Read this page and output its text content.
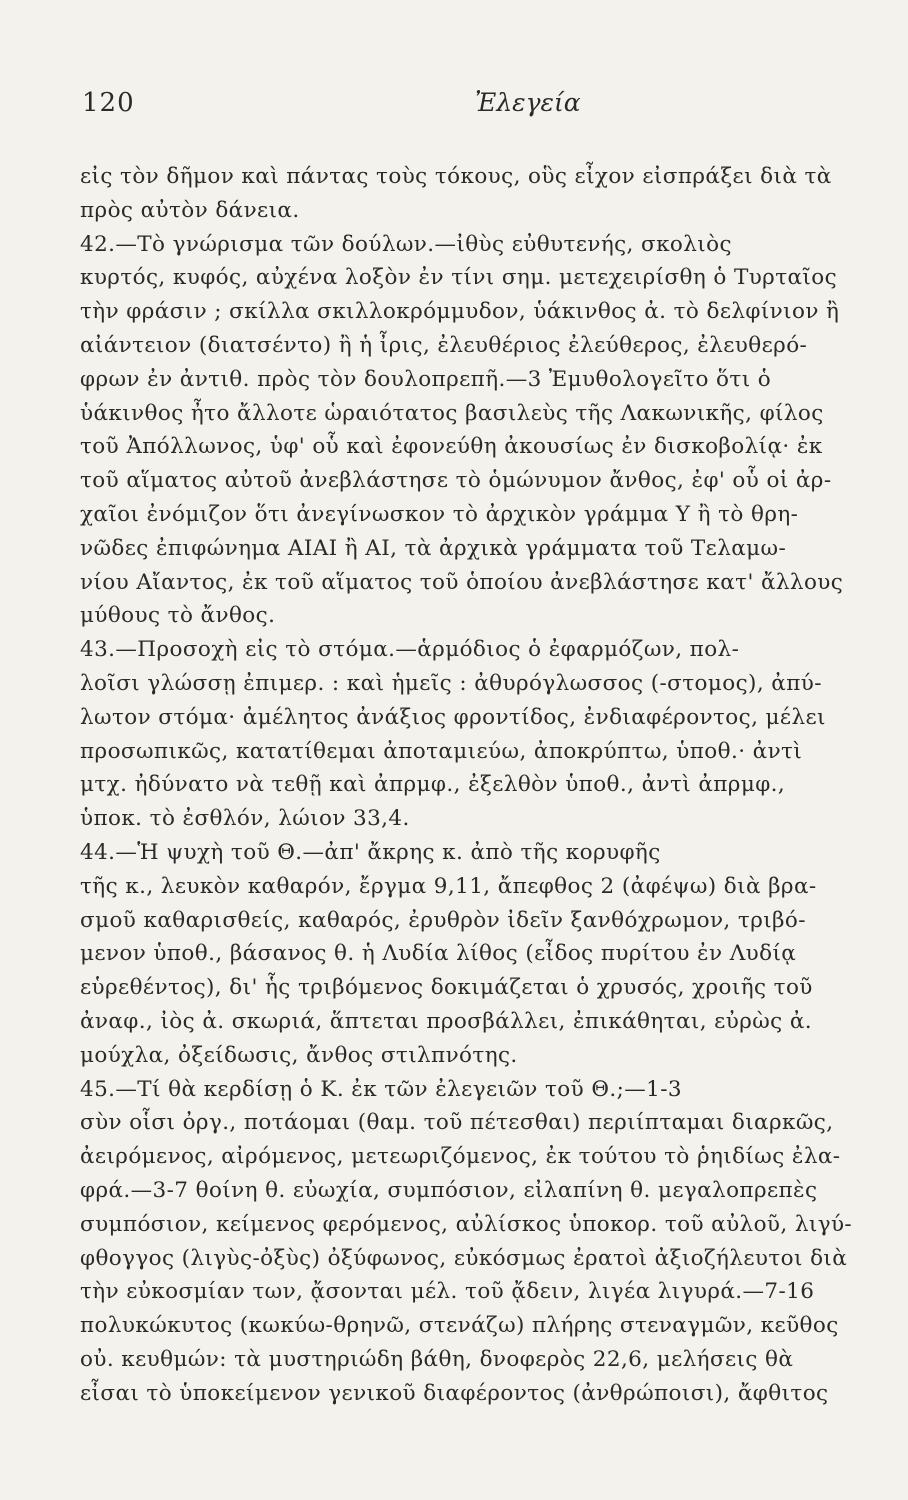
120	Ἐλεγεία
εἰς τὸν δῆμον καὶ πάντας τοὺς τόκους, οὓς εἶχον εἰσπράξει διὰ τὰ
πρὸς αὐτὸν δάνεια.
42.—Τὸ γνώρισμα τῶν δούλων.—ἰθὺς εὐθυτενής, σκολιὸς
κυρτός, κυφός, αὐχένα λοξὸν ἐν τίνι σημ. μετεχειρίσθη ὁ Τυρταῖος
τὴν φράσιν ; σκίλλα σκιλλοκρόμμυδον, ὑάκινθος ἀ. τὸ δελφίνιον ἢ
αἰάντειον (διατσέντο) ἢ ἡ ἶρις, ἐλευθέριος ἐλεύθερος, ἐλευθερό-
φρων ἐν ἀντιθ. πρὸς τὸν δουλοπρεπῆ.—3 Ἐμυθολογεῖτο ὅτι ὁ
ὑάκινθος ἦτο ἄλλοτε ὡραιότατος βασιλεὺς τῆς Λακωνικῆς, φίλος
τοῦ Ἀπόλλωνος, ὑφ' οὗ καὶ ἐφονεύθη ἀκουσίως ἐν δισκοβολίᾳ· ἐκ
τοῦ αἵματος αὐτοῦ ἀνεβλάστησε τὸ ὁμώνυμον ἄνθος, ἐφ' οὗ οἱ ἀρ-
χαῖοι ἐνόμιζον ὅτι ἀνεγίνωσκον τὸ ἀρχικὸν γράμμα Υ ἢ τὸ θρη-
νῶδες ἐπιφώνημα ΑΙΑΙ ἢ ΑΙ, τὰ ἀρχικὰ γράμματα τοῦ Τελαμω-
νίου Αἴαντος, ἐκ τοῦ αἵματος τοῦ ὁποίου ἀνεβλάστησε κατ' ἄλλους
μύθους τὸ ἄνθος.
43.—Προσοχὴ εἰς τὸ στόμα.—ἁρμόδιος ὁ ἐφαρμόζων, πολ-
λοῖσι γλώσσῃ ἐπιμερ. : καὶ ἡμεῖς : ἀθυρόγλωσσος (-στομος), ἀπύ-
λωτον στόμα· ἀμέλητος ἀνάξιος φροντίδος, ἐνδιαφέροντος, μέλει
προσωπικῶς, κατατίθεμαι ἀποταμιεύω, ἀποκρύπτω, ὑποθ.· ἀντὶ
μτχ. ἠδύνατο νὰ τεθῇ καὶ ἀπρμφ., ἐξελθὸν ὑποθ., ἀντὶ ἀπρμφ.,
ὑποκ. τὸ ἐσθλόν, λώιον 33,4.
44.—Ἡ ψυχὴ τοῦ Θ.—ἀπ' ἄκρης κ. ἀπὸ τῆς κορυφῆς
τῆς κ., λευκὸν καθαρόν, ἔργμα 9,11, ἄπεφθος 2 (ἀφέψω) διὰ βρα-
σμοῦ καθαρισθείς, καθαρός, ἐρυθρὸν ἰδεῖν ξανθόχρωμον, τριβό-
μενον ὑποθ., βάσανος θ. ἡ Λυδία λίθος (εἶδος πυρίτου ἐν Λυδίᾳ
εὑρεθέντος), δι' ἧς τριβόμενος δοκιμάζεται ὁ χρυσός, χροιῆς τοῦ
ἀναφ., ἰὸς ἀ. σκωριά, ἅπτεται προσβάλλει, ἐπικάθηται, εὐρὼς ἀ.
μούχλα, ὀξείδωσις, ἄνθος στιλπνότης.
45.—Τί θὰ κερδίσῃ ὁ Κ. ἐκ τῶν ἐλεγειῶν τοῦ Θ.;—1-3
σὺν οἷσι ὀργ., ποτάομαι (θαμ. τοῦ πέτεσθαι) περιίπταμαι διαρκῶς,
ἀειρόμενος, αἰρόμενος, μετεωριζόμενος, ἐκ τούτου τὸ ῥηιδίως ἐλα-
φρά.—3-7 θοίνη θ. εὐωχία, συμπόσιον, εἰλαπίνη θ. μεγαλοπρεπὲς
συμπόσιον, κείμενος φερόμενος, αὐλίσκος ὑποκορ. τοῦ αὐλοῦ, λιγύ-
φθογγος (λιγὺς-ὀξὺς) ὀξύφωνος, εὐκόσμως ἐρατοὶ ἀξιοζήλευτοι διὰ
τὴν εὐκοσμίαν των, ᾄσονται μέλ. τοῦ ᾄδειν, λιγέα λιγυρά.—7-16
πολυκώκυτος (κωκύω-θρηνῶ, στενάζω) πλήρης στεναγμῶν, κεῦθος
οὐ. κευθμών: τὰ μυστηριώδη βάθη, δνοφερὸς 22,6, μελήσεις θὰ
εἶσαι τὸ ὑποκείμενον γενικοῦ διαφέροντος (ἀνθρώποισι), ἄφθιτος
